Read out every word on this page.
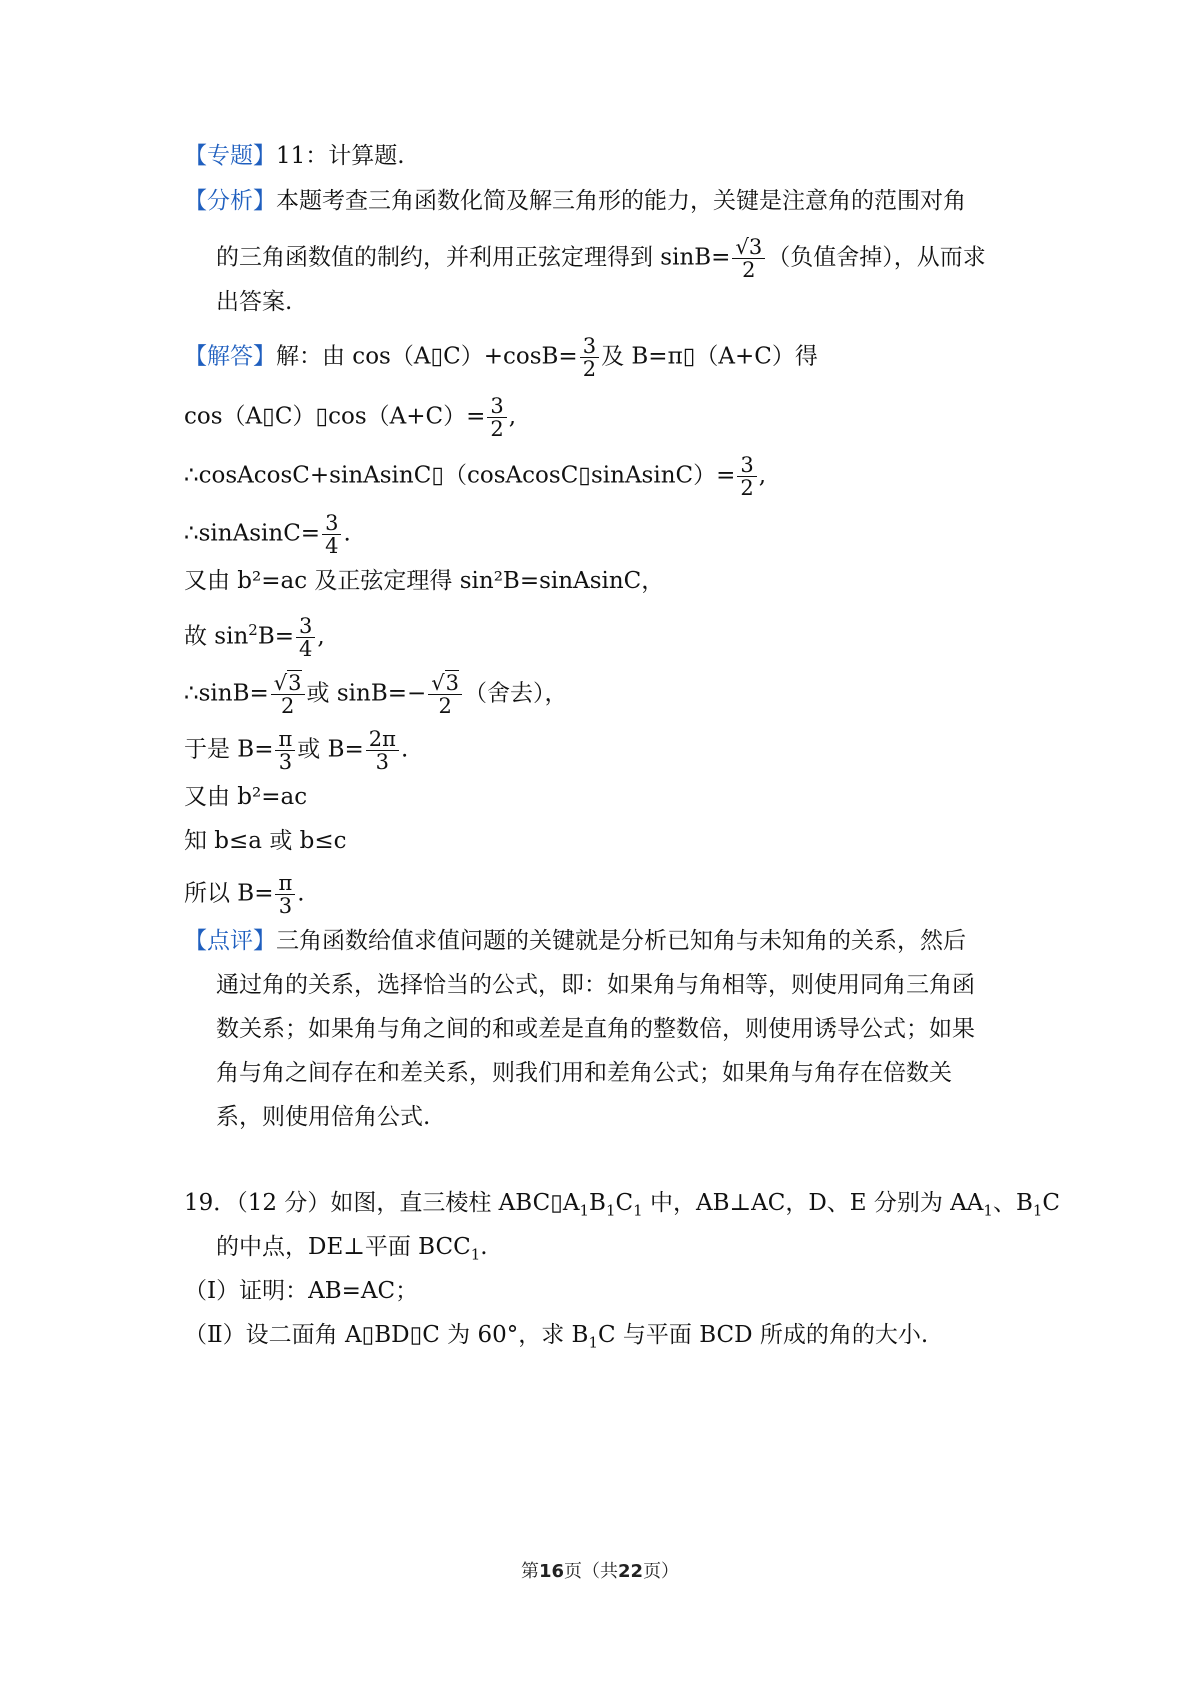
【专题】11：计算题.
【分析】本题考查三角函数化简及解三角形的能力，关键是注意角的范围对角
的三角函数值的制约，并利用正弦定理得到 $\sin B= \frac{√3}{2}$ （负值舍掉），从而求
出答案.
【解答】解：由 cos（A▯C）+cosB= $\frac{3}{2}$ 及 B=π▯（A+C）得
cos（A▯C）▯cos（A+C）= $\frac{3}{2}$ ,
∴cosAcosC+sinAsinC▯（cosAcosC▯sinAsinC）= $\frac{3}{2}$ ,
∴sinAsinC= $\frac{3}{4}$ .
又由 b²=ac 及正弦定理得 sin²B=sinAsinC，
故 $\sin^2B= \frac{3}{4}$ ,
∴sinB= $\frac{√3}{2}$ 或 $\sin B=- \frac{√3}{2}$ （舍去），
于是 $B= \frac{\pi}{3}$ 或 $B= \frac{2\pi}{3}$ .
又由 b²=ac
知 b≤a 或 b≤c
所以 $B= \frac{\pi}{3}$ .
【点评】三角函数给值求值问题的关键就是分析已知角与未知角的关系，然后
通过角的关系，选择恰当的公式，即：如果角与角相等，则使用同角三角函
数关系；如果角与角之间的和或差是直角的整数倍，则使用诱导公式；如果
角与角之间存在和差关系，则我们用和差角公式；如果角与角存在倍数关
系，则使用倍角公式.
19．（12 分）如图，直三棱柱 $ABC▯A_1B_1C_1$ 中，AB⊥AC，D、E 分别为 $AA_1$、$B_1C$
的中点，DE⊥平面 $BCC_1$.
（Ⅰ）证明：AB=AC；
（Ⅱ）设二面角 A▯BD▯C 为 60°，求 $B_1C$ 与平面 BCD 所成的角的大小.
第16页（共22页）
